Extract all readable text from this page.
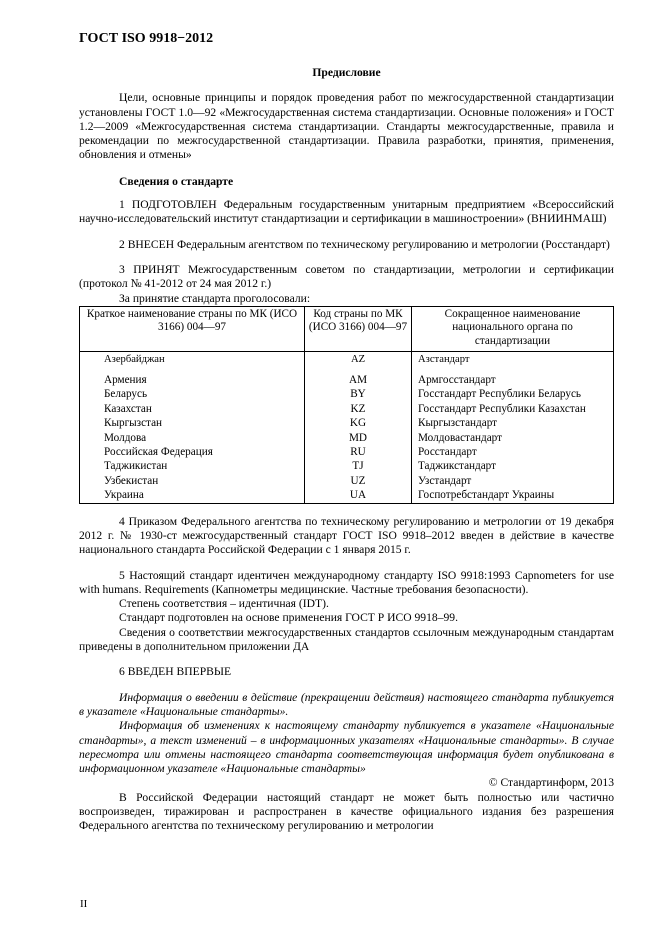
ГОСТ ISO 9918−2012
Предисловие

Цели, основные принципы и порядок проведения работ по межгосударственной стандартизации установлены ГОСТ 1.0—92 «Межгосударственная система стандартизации. Основные положения» и ГОСТ 1.2—2009 «Межгосударственная система стандартизации. Стандарты межгосударственные, правила и рекомендации по межгосударственной стандартизации. Правила разработки, принятия, применения, обновления и отмены»

Сведения о стандарте

1 ПОДГОТОВЛЕН Федеральным государственным унитарным предприятием «Всероссийский научно-исследовательский институт стандартизации и сертификации в машиностроении» (ВНИИНМАШ)

2 ВНЕСЕН Федеральным агентством по техническому регулированию и метрологии (Росстандарт)

3 ПРИНЯТ Межгосударственным советом по стандартизации, метрологии и сертификации (протокол № 41-2012 от 24 мая 2012 г.)

За принятие стандарта проголосовали:

Краткое наименование страны по МК (ИСО 3166) 004—97	Код страны по МК (ИСО 3166) 004—97	Сокращенное наименование национального органа по стандартизации
Азербайджан	AZ	Азстандарт
Армения	AM	Армгосстандарт
Беларусь	BY	Госстандарт Республики Беларусь
Казахстан	KZ	Госстандарт Республики Казахстан
Кыргызстан	KG	Кыргызстандарт
Молдова	MD	Молдовастандарт
Российская Федерация	RU	Росстандарт
Таджикистан	TJ	Таджикстандарт
Узбекистан	UZ	Узстандарт
Украина	UA	Госпотребстандарт Украины

4 Приказом Федерального агентства по техническому регулированию и метрологии от 19 декабря 2012 г. № 1930-ст межгосударственный стандарт ГОСТ ISO 9918–2012 введен в действие в качестве национального стандарта Российской Федерации с 1 января 2015 г.

5 Настоящий стандарт идентичен международному стандарту ISO 9918:1993 Capnometers for use with humans. Requirements (Капнометры медицинские. Частные требования безопасности).

Степень соответствия – идентичная (IDT).

Стандарт подготовлен на основе применения ГОСТ Р ИСО 9918–99.

Сведения о соответствии межгосударственных стандартов ссылочным международным стандартам приведены в дополнительном приложении ДА

6 ВВЕДЕН ВПЕРВЫЕ

Информация о введении в действие (прекращении действия) настоящего стандарта публикуется в указателе «Национальные стандарты».

Информация об изменениях к настоящему стандарту публикуется в указателе «Национальные стандарты», а текст изменений – в информационных указателях «Национальные стандарты». В случае пересмотра или отмены настоящего стандарта соответствующая информация будет опубликована в информационном указателе «Национальные стандарты»

© Стандартинформ, 2013

В Российской Федерации настоящий стандарт не может быть полностью или частично воспроизведен, тиражирован и распространен в качестве официального издания без разрешения Федерального агентства по техническому регулированию и метрологии

II
